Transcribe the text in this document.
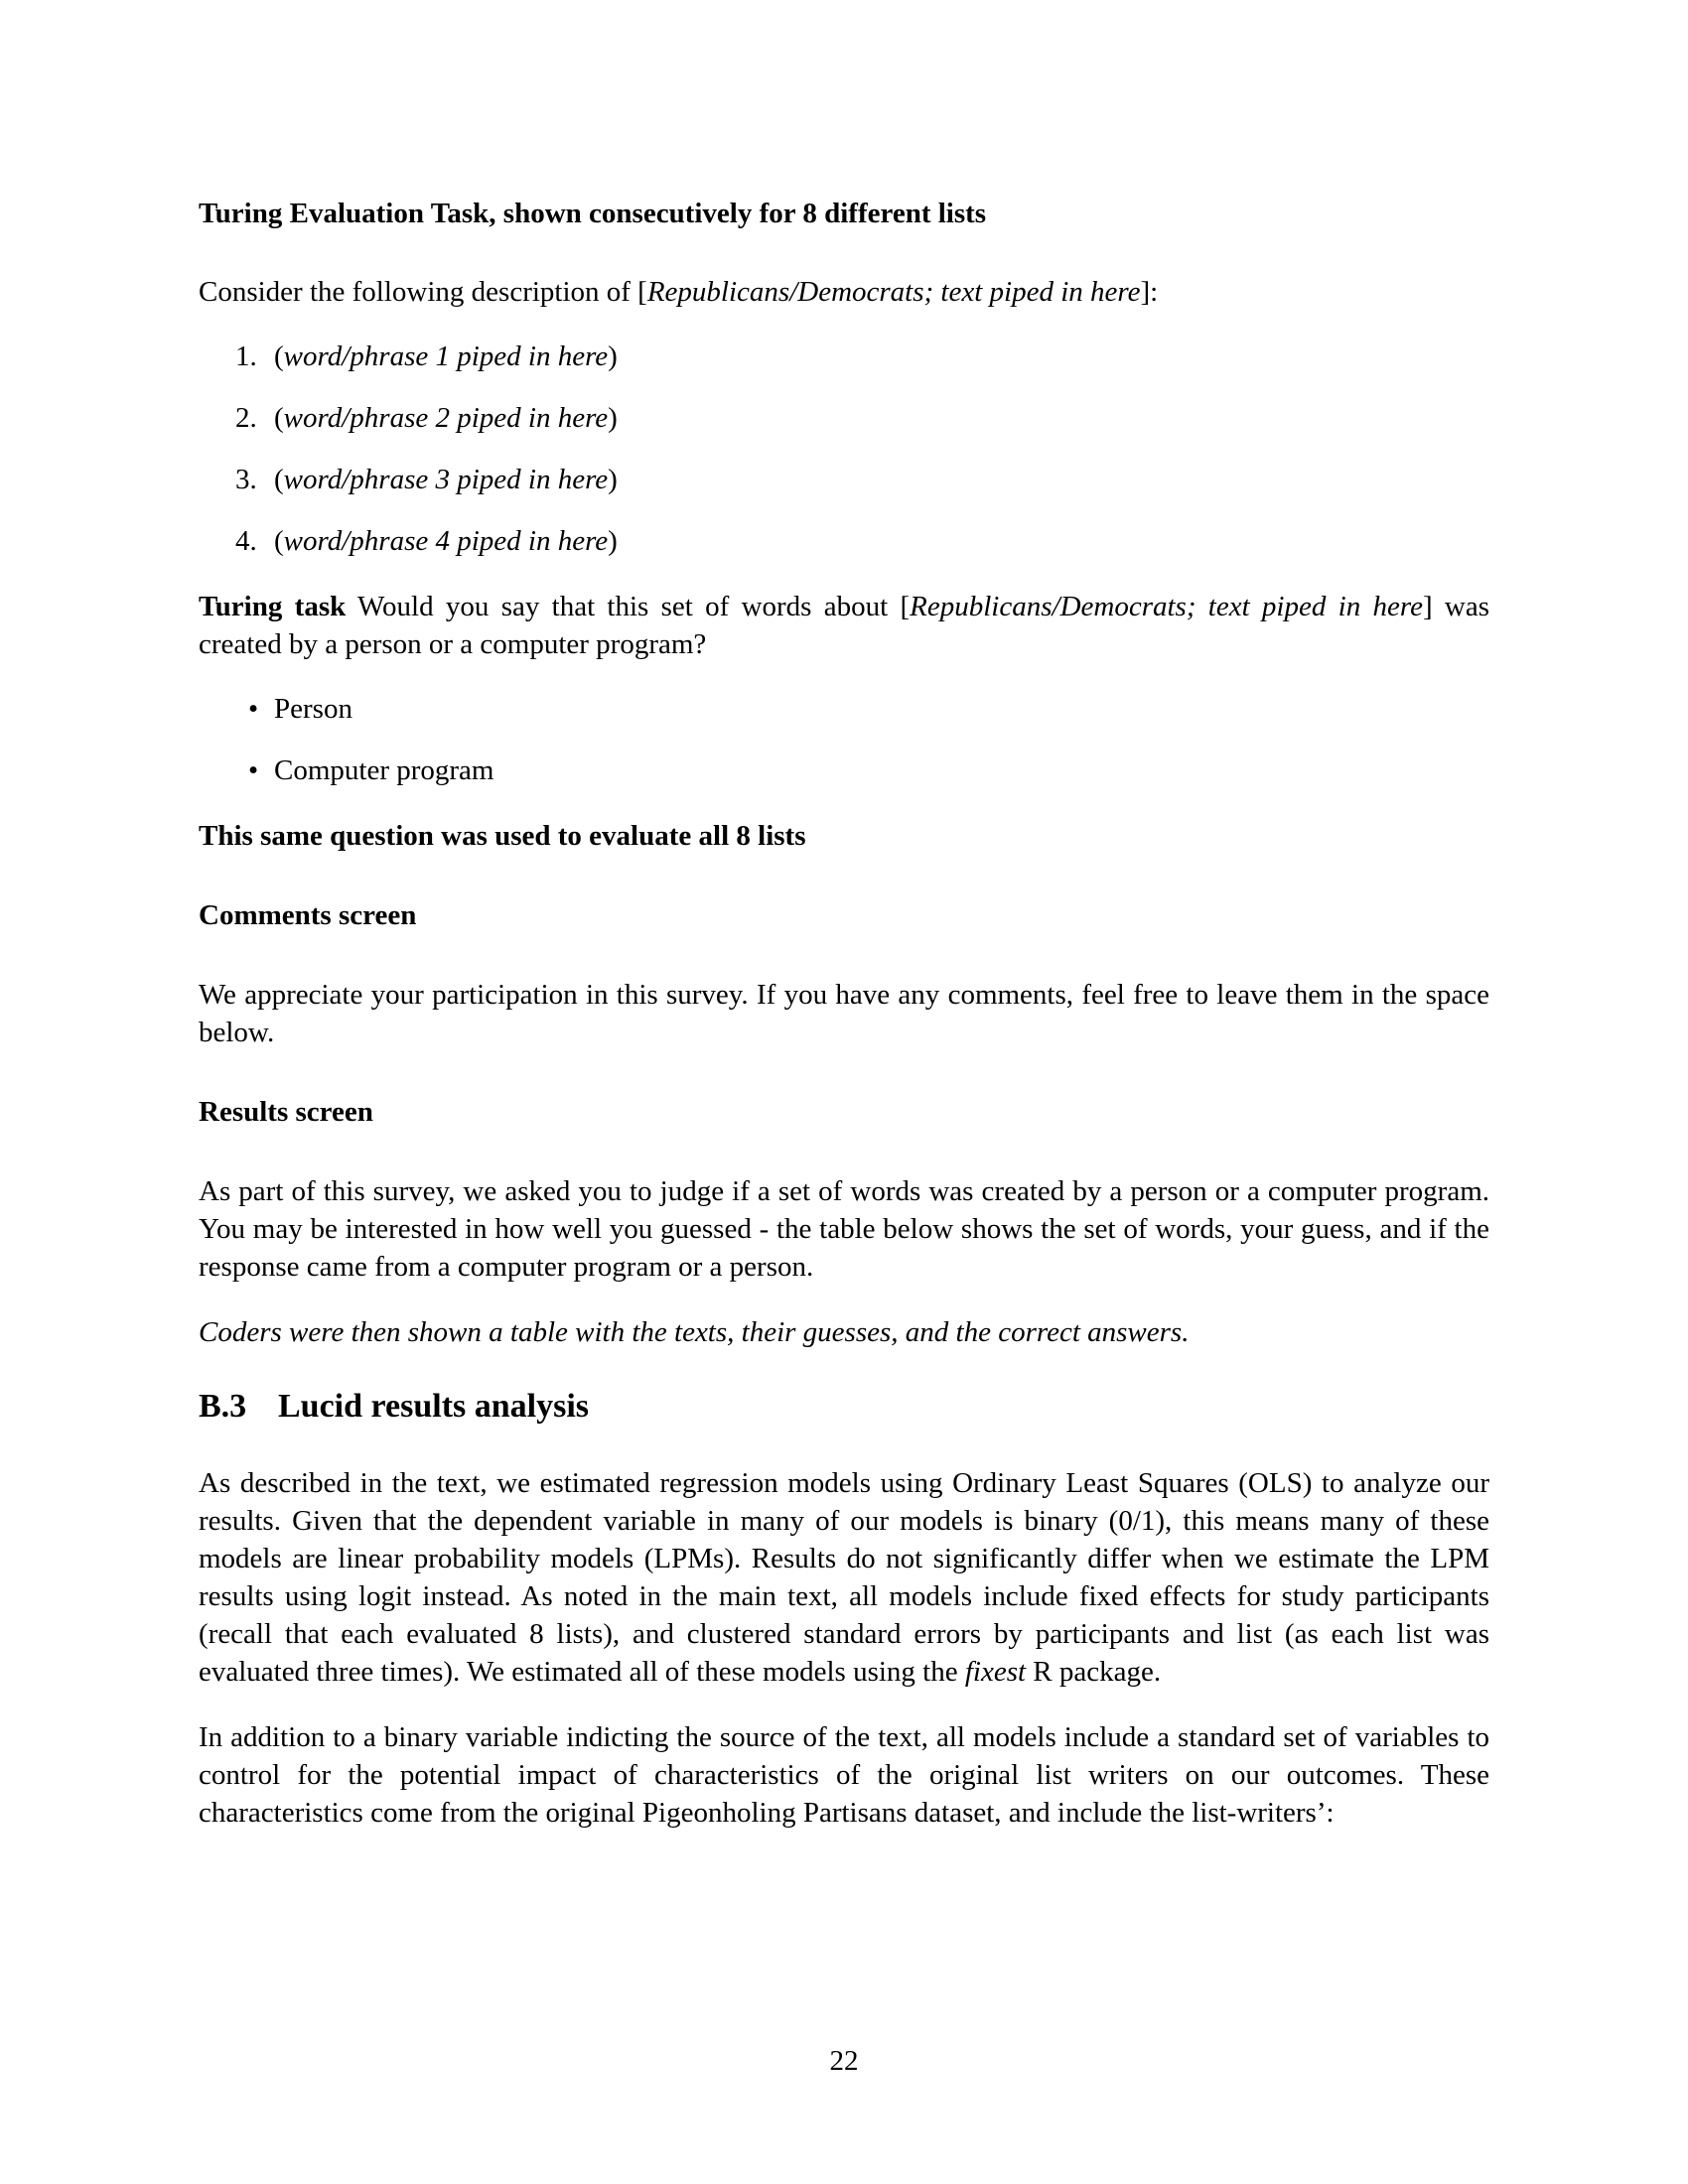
Turing Evaluation Task, shown consecutively for 8 different lists

Consider the following description of [Republicans/Democrats; text piped in here]:

1. (word/phrase 1 piped in here)
2. (word/phrase 2 piped in here)
3. (word/phrase 3 piped in here)
4. (word/phrase 4 piped in here)

Turing task Would you say that this set of words about [Republicans/Democrats; text piped in here] was created by a person or a computer program?

• Person
• Computer program

This same question was used to evaluate all 8 lists

Comments screen

We appreciate your participation in this survey. If you have any comments, feel free to leave them in the space below.

Results screen

As part of this survey, we asked you to judge if a set of words was created by a person or a computer program. You may be interested in how well you guessed - the table below shows the set of words, your guess, and if the response came from a computer program or a person.

Coders were then shown a table with the texts, their guesses, and the correct answers.

B.3 Lucid results analysis

As described in the text, we estimated regression models using Ordinary Least Squares (OLS) to analyze our results. Given that the dependent variable in many of our models is binary (0/1), this means many of these models are linear probability models (LPMs). Results do not significantly differ when we estimate the LPM results using logit instead. As noted in the main text, all models include fixed effects for study participants (recall that each evaluated 8 lists), and clustered standard errors by participants and list (as each list was evaluated three times). We estimated all of these models using the fixest R package.

In addition to a binary variable indicting the source of the text, all models include a standard set of variables to control for the potential impact of characteristics of the original list writers on our outcomes. These characteristics come from the original Pigeonholing Partisans dataset, and include the list-writers’:

22
